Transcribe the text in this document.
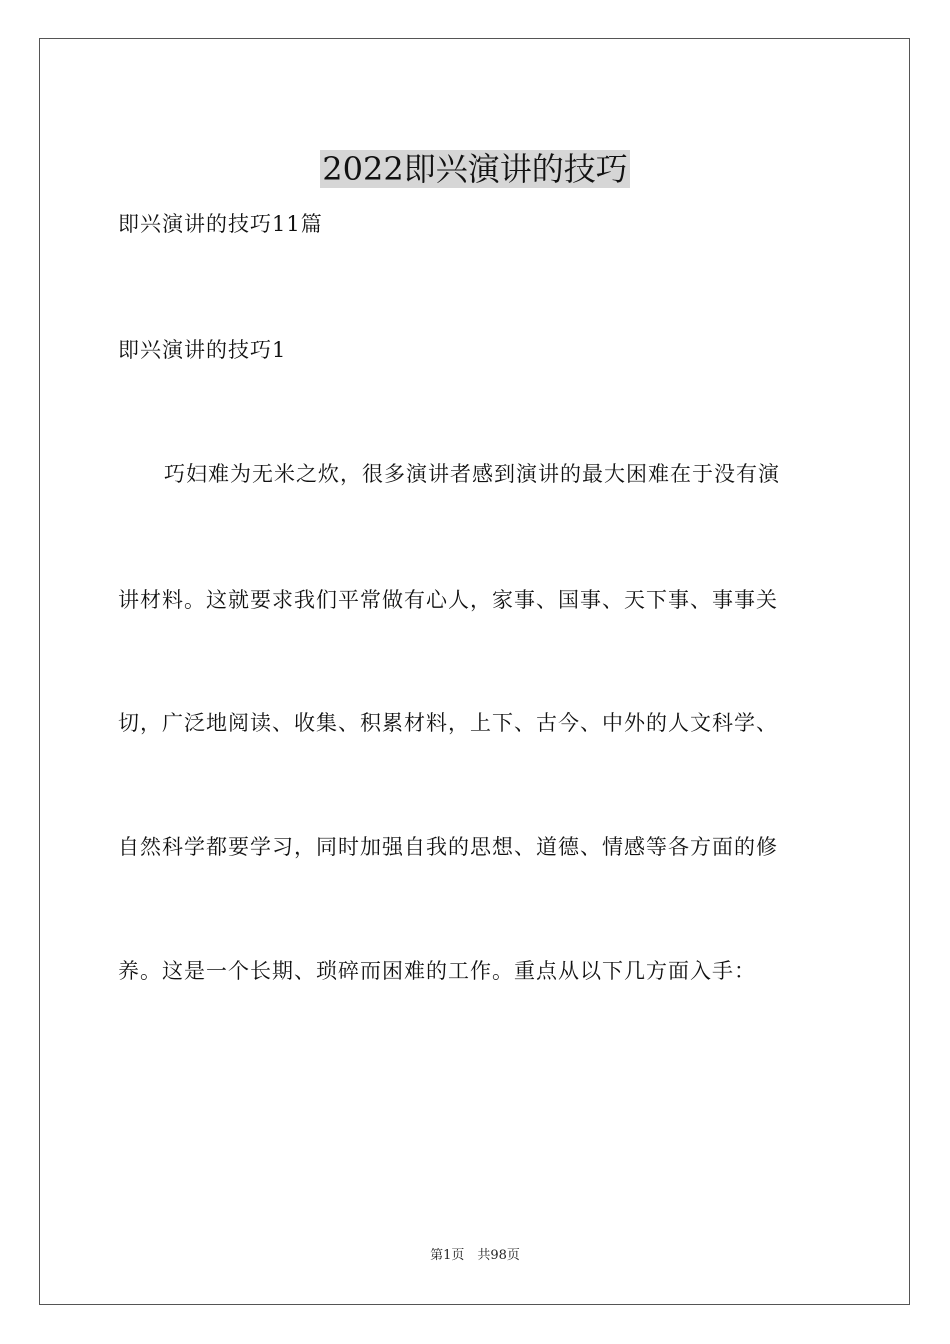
2022即兴演讲的技巧
即兴演讲的技巧11篇
即兴演讲的技巧1
巧妇难为无米之炊，很多演讲者感到演讲的最大困难在于没有演
讲材料。这就要求我们平常做有心人，家事、国事、天下事、事事关
切，广泛地阅读、收集、积累材料，上下、古今、中外的人文科学、
自然科学都要学习，同时加强自我的思想、道德、情感等各方面的修
养。这是一个长期、琐碎而困难的工作。重点从以下几方面入手：
第1页　共98页
